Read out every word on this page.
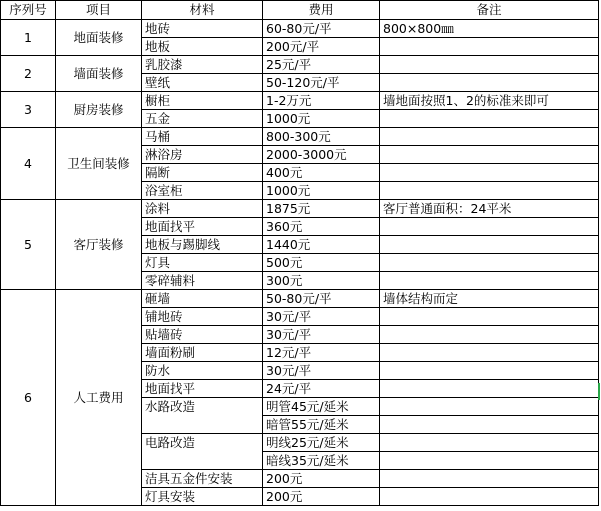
序列号	项目	材料	费用	备注
1	地面装修	地砖	60-80元/平	800×800㎜
		地板	200元/平	
2	墙面装修	乳胶漆	25元/平	
		壁纸	50-120元/平	
3	厨房装修	橱柜	1-2万元	墙地面按照1、2的标准来即可
		五金	1000元	
4	卫生间装修	马桶	800-300元	
		淋浴房	2000-3000元	
		隔断	400元	
		浴室柜	1000元	
5	客厅装修	涂料	1875元	客厅普通面积：24平米
		地面找平	360元	
		地板与踢脚线	1440元	
		灯具	500元	
		零碎辅料	300元	
6	人工费用	砸墙	50-80元/平	墙体结构而定
		铺地砖	30元/平	
		贴墙砖	30元/平	
		墙面粉刷	12元/平	
		防水	30元/平	
		地面找平	24元/平	
		水路改造	明管45元/延米	
			暗管55元/延米	
		电路改造	明线25元/延米	
			暗线35元/延米	
		洁具五金件安装	200元	
		灯具安装	200元	
